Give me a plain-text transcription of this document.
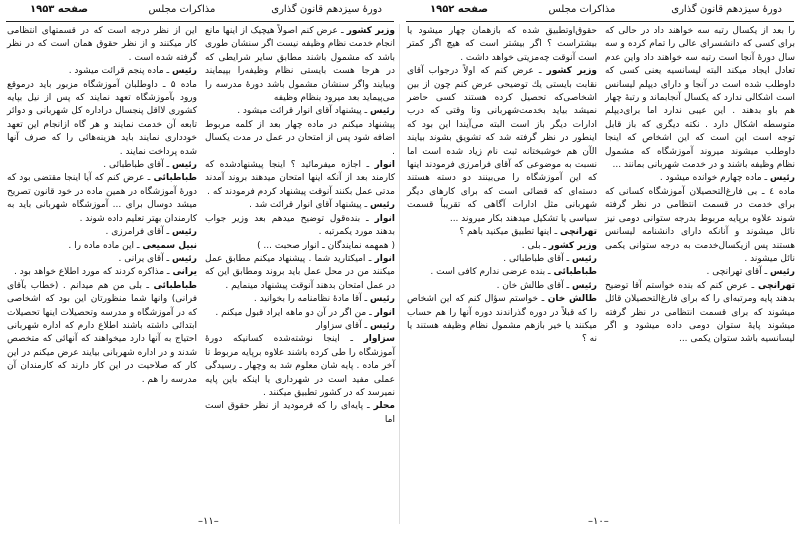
دورهٔ سیزدهم قانون گذاری
مذاکرات مجلس
صفحه ۱۹۵۳

وزیر کشور ـ عرض کنم اصولاً هیچیک از اینها مانع انجام خدمت نظام وظیفه نیست اگر سنشان طوری باشد که مشمول باشند مطابق سایر شرایطی که در هرجا هست بایستی نظام وظیفه‌را بپیمایند وبیایند واگر سنشان مشمول باشد دورهٔ مدرسه را می‌پیماید بعد میرود بنظام وظیفه

رئیس ـ پیشنهاد آقای انوار قرائت میشود .

پیشنهاد میکنم در ماده چهار بعد از کلمه مربوط اضافه شود پس از امتحان در عمل در مدت یکسال .

انوار ـ اجازه میفرمائید ؟ اینجا پیشنهادشده که کارمند بعد از آنکه اینها امتحان میدهند بروند آمدند مدتی عمل بکنند آنوقت پیشنهاد کردم فرمودند که .

رئیس ـ پیشنهاد آقای انوار قرائت شد .

انوار ـ بنده‌قول توضیح میدهم بعد وزیر جواب بدهند مورد یکمرتبه .

( همهمه نمایندگان ـ انوار صحبت ... )

انوار ـ امیکتارید شما . پیشنهاد میکنم مطابق عمل میکنند من در محل عمل باید بروند ومطابق این که در عمل امتحان بدهند آنوقت پیشنهاد مینمایم .

رئیس ـ آقا مادهٔ نظامنامه را بخوانید .

انوار ـ من اگر در آن دو ماهه ایراد قبول میکنم .

رئیس ـ آقای سزاوار

سزاوار ـ اینجا نوشته‌شده کسانیکه دورهٔ آموزشگاه را طی کرده باشند علاوه برپایه مربوط تا آخر ماده . پایه شان معلوم شد به وچهار ـ رسیدگی عملی مفید است در شهرداری یا اینکه باین پایه نمیرسد که در کشور تطبیق میکنند .

محلر ـ پایه‌ای را که فرمودید از نظر حقوق است اما

این از نظر درجه است که در قسمتهای انتظامی کار میکنند و از نظر حقوق همان است که در نظر گرفته شده است .

رئیس ـ ماده پنجم قرائت میشود .

ماده ۵ ـ داوطلبان آموزشگاه مزبور باید درموقع ورود بآموزشگاه تعهد نمایند که پس از نیل بپایه کشوری لااقل پنجسال دراداره کل شهربانی و دوائر تابعه آن خدمت نمایند و هر گاه ازانجام این تعهد خودداری نمایند باید هزینه‌هائی را که صرف آنها شده پرداخت نمایند .

رئیس ـ آقای طباطبائی .

طباطبائی ـ عرض کنم که آیا اینجا مقتضی بود که دورهٔ آموزشگاه در همین ماده در خود قانون تصریح میشد دوسال برای ... آموزشگاه شهربانی باید به کارمندان بهتر تعلیم داده شوند .

رئیس ـ آقای فرامرزی .

نبیل سمیعی ـ این ماده ماده را .

رئیس ـ آقای یرانی .

یرانی ـ مذاکره کردند که مورد اطلاع خواهد بود .

طباطبائی ـ بلی من هم میدانم . (خطاب بآقای فرانی) وانها شما منظورتان این بود که اشخاصی که در آموزشگاه و مدرسه وتحصیلات اینها تحصیلات ابتدائی داشته باشند اطلاع دارم که اداره شهربانی احتیاج به آنها دارد میخواهند که آنهائی که متخصص شدند و در اداره شهربانی بیایند عرض میکنم در این کار که صلاحیت در این کار دارند که کارمندان آن مدرسه را هم .

–۱۱–
دورهٔ سیزدهم قانون گذاری
مذاکرات مجلس
صفحه ۱۹۵۲

حقوق‌اوتطبیق شده که بازهمان چهار میشود یا بیشتراست ؟ اگر بیشتر است که هیچ اگر کمتر است آنوقت چه‌مزیتی خواهد داشت .

وزیر کشور ـ عرض کنم که اولاً درجواب آقای نقابت بایستی یك توضیحی عرض کنم چون از بین اشخاصی‌که تحصیل کرده هستند کسی حاضر نمیشد بیاید بخدمت‌شهربانی وتا وقتی که درب ادارات دیگر باز است البته می‌آیندا این بود که اینطور در نظر گرفته شد که تشویق بشوند بیایند الآن هم خوشبختانه ثبت نام زیاد شده است اما نسبت به موضوعی که آقای فرامرزی فرمودند اینها که این آموزشگاه را می‌بینند دو دسته هستند دسته‌ای که قضائی است که برای کارهای دیگر شهربانی مثل ادارات آگاهی که تقریباً قسمت سیاسی یا تشکیل میدهند بکار میروند ...

تهرانچی ـ اینها تطبیق میکنید باهم ؟

وزیر کشور ـ بلی .

رئیس ـ آقای طباطبائی .

طباطبائی ـ بنده عرضی ندارم کافی است .

رئیس ـ آقای طالش خان .

طالش خان ـ خواستم سؤال کنم که این اشخاص را که قبلاً در دوره گذراندند دوره آنها را هم حساب میکنند یا خیر بازهم مشمول نظام وظیفه هستند یا نه ؟

را بعد از یکسال رتبه سه خواهند داد در حالی که برای کسی که دانشسرای عالی را تمام کرده و سه سال دورهٔ آنجا است رتبه سه خواهند داد واین عدم تعادل ایجاد میکند البته لیسانسیه یعنی کسی که داوطلب شده است در آنجا و دارای دیپلم لیسانس است اشکالی ندارد که یکسال آنجابماند و رتبهٔ چهار هم باو بدهند . این عیبی ندارد اما برای‌دیپلم متوسطه اشکال دارد . نکته دیگری که باز قابل توجه است این است که این اشخاص که اینجا داوطلب میشوند میروند آموزشگاه که مشمول نظام وظیفه باشند و در خدمت شهربانی بمانند ...

رئیس ـ ماده چهارم خوانده میشود .

ماده ٤ ـ بی فارغ‌التحصیلان آموزشگاه کسانی که برای خدمت در قسمت انتظامی در نظر گرفته شوند علاوه برپایه مربوط بدرجه ستوانی دومی نیز نائل میشوند و آنانکه دارای دانشنامه لیسانس هستند پس ازیکسال‌خدمت به درجه ستوانی یکمی نائل میشوند .

رئیس ـ آقای تهرانچی .

تهرانچی ـ عرض کنم که بنده خواستم آقا توضیح بدهند پایه ومرتبه‌ای را که برای فارغ‌التحصیلان قائل میشوند که برای قسمت انتظامی در نظر گرفته میشوند پایهٔ ستوان دومی داده میشود و اگر لیسانسیه باشد ستوان یکمی ...

–۱۰–
